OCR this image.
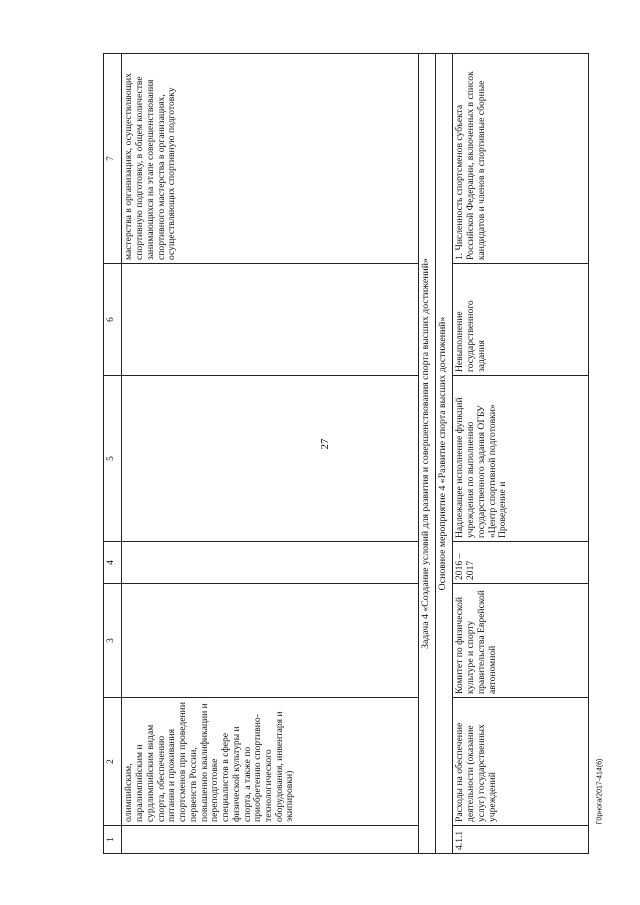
27
1	2	3	4	5	6	7
	олимпийским, паралимпийским и сурдлимпийским видам спорта, обеспечению питания и проживания спортсменов при проведении первенств России, повышению квалификации и переподготовке специалистов в сфере физической культуры и спорта, а также по приобретению спортивно-технологического оборудования, инвентаря и экипировки)					мастерства в организациях, осуществляющих спортивную подготовку, в общем количестве занимающихся на этапе совершенствования спортивного мастерства в организациях, осуществляющих спортивную подготовку
Задача 4 «Создание условий для развития и совершенствования спорта высших достижений»						
Основное мероприятие 4 «Развитие спорта высших достижений»						
4.1.1	Расходы на обеспечение деятельности (оказание услуг) государственных учреждений	Комитет по физической культуре и спорту правительства Еврейской автономной	2016 – 2017	Надлежащее исполнение функций учреждения по выполнению государственного задания ОГБУ «Центр спортивной подготовки» Проведение и	Невыполнение государственного задания	1. Численность спортсменов субъекта Российской Федерации, включенных в список кандидатов и членов в спортивные сборные
Г0рнога/2017-414(6)
